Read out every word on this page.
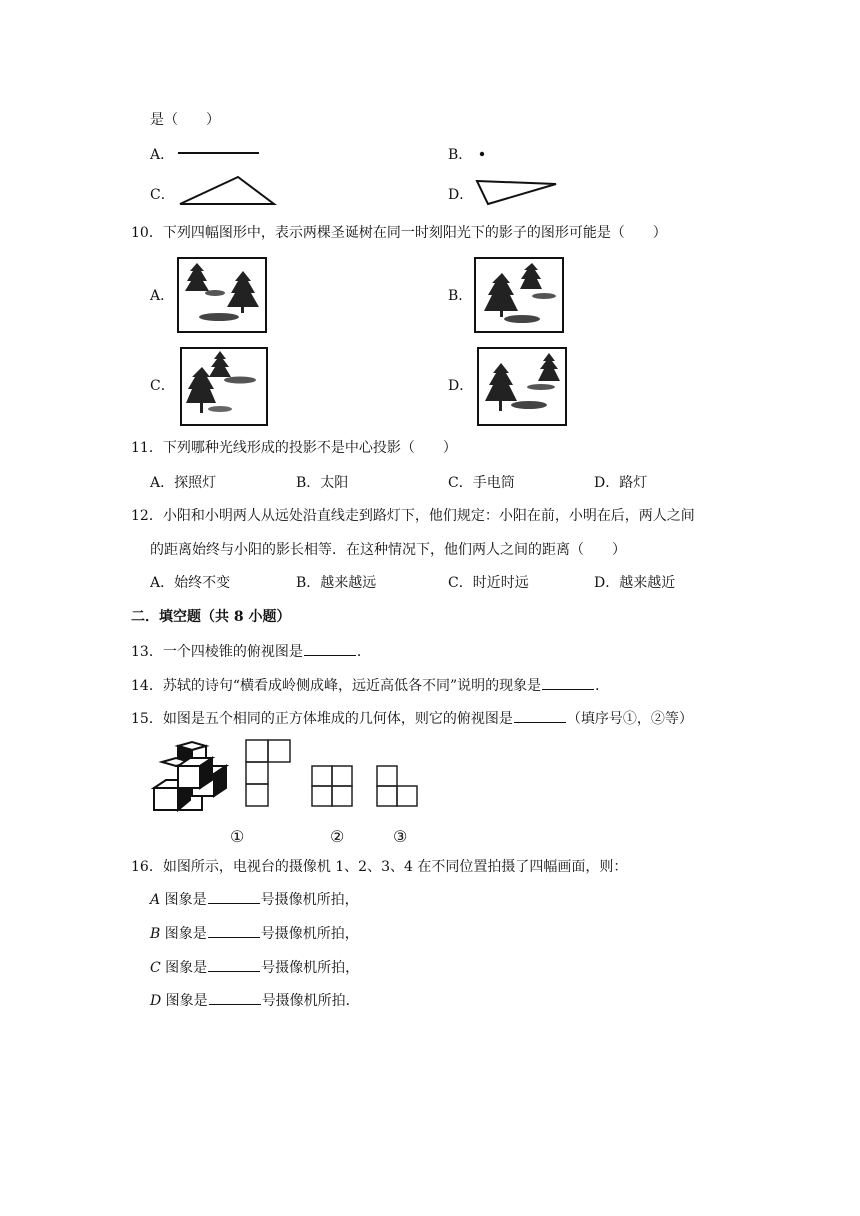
是（　　）
A．	B．
C．	D．
10．下列四幅图形中，表示两棵圣诞树在同一时刻阳光下的影子的图形可能是（　　）
A．	B．
C．	D．
11．下列哪种光线形成的投影不是中心投影（　　）
A．探照灯	B．太阳	C．手电筒	D．路灯
12．小阳和小明两人从远处沿直线走到路灯下，他们规定：小阳在前，小明在后，两人之间
的距离始终与小阳的影长相等．在这种情况下，他们两人之间的距离（　　）
A．始终不变	B．越来越远	C．时近时远	D．越来越近
二．填空题（共 8 小题）
13．一个四棱锥的俯视图是	．
14．苏轼的诗句“横看成岭侧成峰，远近高低各不同”说明的现象是	．
15．如图是五个相同的正方体堆成的几何体，则它的俯视图是	（填序号①，②等）
①	②	③
16．如图所示，电视台的摄像机 1、2、3、4 在不同位置拍摄了四幅画面，则：
A 图象是	号摄像机所拍，
B 图象是	号摄像机所拍，
C 图象是	号摄像机所拍，
D 图象是	号摄像机所拍．
